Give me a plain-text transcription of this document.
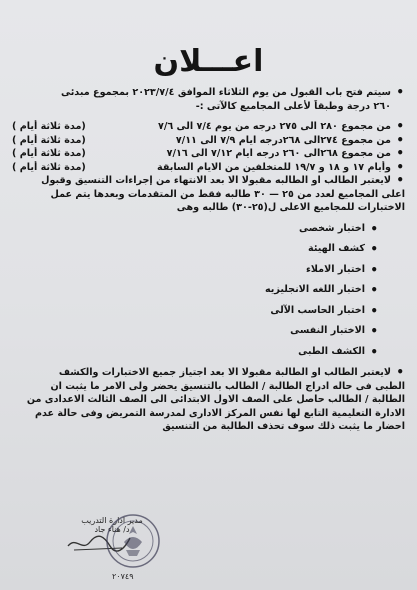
اعـــلان
• سيتم فتح باب القبول من يوم الثلاثاء الموافق ٢٠٢٣/٧/٤ بمجموع مبدئى
٢٦٠ درجة وطبقاً لأعلى المجاميع كالآتى :-
• (مدة ثلاثة أيام )	من مجموع ٢٨٠ الى ٢٧٥ درجه من يوم ٧/٤ الى ٧/٦
• (مدة ثلاثة أيام )	من مجموع ٢٧٤الى ٢٦٨درجه ايام ٧/٩ الى ٧/١١
• (مدة ثلاثة أيام )	من مجموع ٢٦٨الى ٢٦٠ درجه ايام ٧/١٢ الى ٧/١٦
• (مدة ثلاثة أيام )	وأيام ١٧ و ١٨ و ١٩/٧ للمتخلفين من الايام السابقة
• لايعتبر الطالب او الطالبه مقبولا الا بعد الانتهاء من إجراءات التنسيق وقبول
اعلى المجاميع لعدد من ٢٥ — ٣٠ طالبه فقط من المتقدمات وبعدها يتم عمل
الاختبارات للمجاميع الاعلى ل(٢٥-٣٠) طالبه وهى
• اختبار شخصى
• كشف الهيئة
• اختبار الاملاء
• اختبار اللغه الانجليزيه
• اختبار الحاسب الآلى
• الاختبار النفسى
• الكشف الطبى
• لايعتبر الطالب او الطالبة مقبولا الا بعد اجتياز جميع الاختبارات والكشف
الطبى فى حاله ادراج الطالبة / الطالب بالتنسيق يحضر ولى الامر ما يثبت ان
الطالبة / الطالب حاصل على الصف الاول الابتدائى الى الصف الثالث الاعدادى من
الادارة التعليمية التابع لها نفس المركز الادارى لمدرسة التمريض وفى حالة عدم
احضار ما يثبت ذلك سوف تحذف الطالبة من التنسيق
مدير ادارة التدريب
د/ هناء جاد
٢٠٧٤٩
